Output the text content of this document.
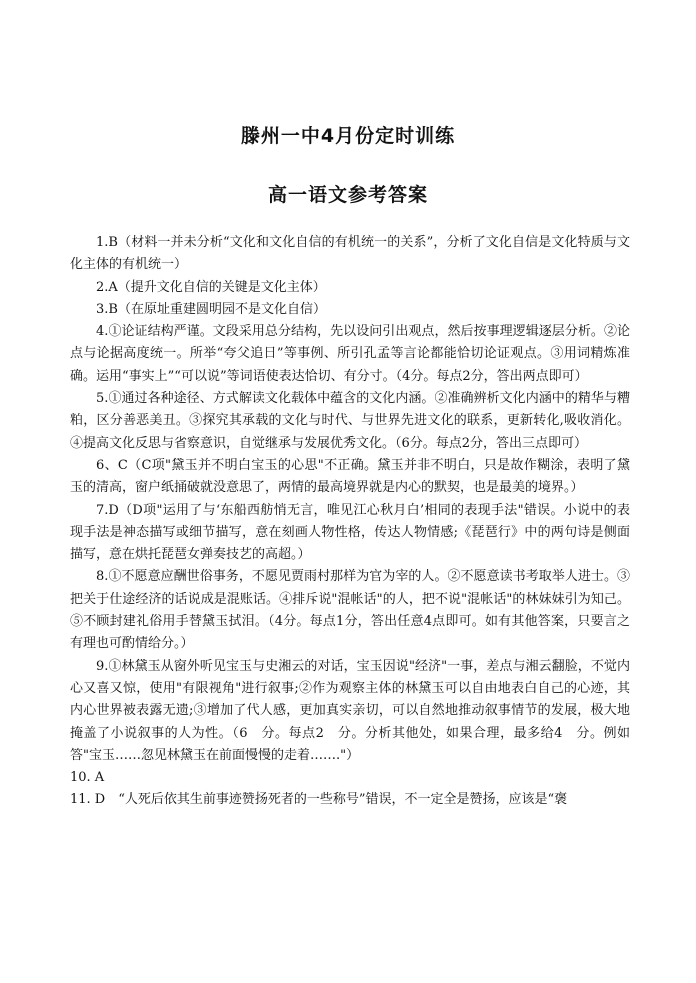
滕州一中4月份定时训练
高一语文参考答案

1.B（材料一并未分析“文化和文化自信的有机统一的关系”，分析了文化自信是文化特质与文化主体的有机统一）

2.A（提升文化自信的关键是文化主体）

3.B（在原址重建圆明园不是文化自信）

4.①论证结构严谨。文段采用总分结构，先以设问引出观点，然后按事理逻辑逐层分析。②论点与论据高度统一。所举“夸父追日”等事例、所引孔孟等言论都能恰切论证观点。③用词精炼准确。运用“事实上”“可以说”等词语使表达恰切、有分寸。（4分。每点2分，答出两点即可）

5.①通过各种途径、方式解读文化载体中蕴含的文化内涵。②准确辨析文化内涵中的精华与糟粕，区分善恶美丑。③探究其承载的文化与时代、与世界先进文化的联系，更新转化,吸收消化。④提高文化反思与省察意识，自觉继承与发展优秀文化。（6分。每点2分，答出三点即可）

6、C（C项"黛玉并不明白宝玉的心思"不正确。黛玉并非不明白，只是故作糊涂，表明了黛玉的清高，窗户纸捅破就没意思了，两情的最高境界就是内心的默契，也是最美的境界。）

7.D（D项"运用了与‘东船西舫悄无言，唯见江心秋月白’相同的表现手法"错误。小说中的表现手法是神态描写或细节描写，意在刻画人物性格，传达人物情感;《琵琶行》中的两句诗是侧面描写，意在烘托琵琶女弹奏技艺的高超。）

8.①不愿意应酬世俗事务，不愿见贾雨村那样为官为宰的人。②不愿意读书考取举人进士。③把关于仕途经济的话说成是混账话。④排斥说"混帐话"的人，把不说"混帐话"的林妹妹引为知己。⑤不顾封建礼俗用手替黛玉拭泪。（4分。每点1分，答出任意4点即可。如有其他答案，只要言之有理也可酌情给分。）

9.①林黛玉从窗外听见宝玉与史湘云的对话，宝玉因说"经济"一事，差点与湘云翻脸，不觉内心又喜又惊，使用"有限视角"进行叙事;②作为观察主体的林黛玉可以自由地表白自己的心迹，其内心世界被表露无遗;③增加了代人感，更加真实亲切，可以自然地推动叙事情节的发展，极大地掩盖了小说叙事的人为性。（6　分。每点2　分。分析其他处，如果合理，最多给4　分。例如答"宝玉……忽见林黛玉在前面慢慢的走着……."）

10. A

11. D　“人死后依其生前事迹赞扬死者的一些称号”错误，不一定全是赞扬，应该是“褒
